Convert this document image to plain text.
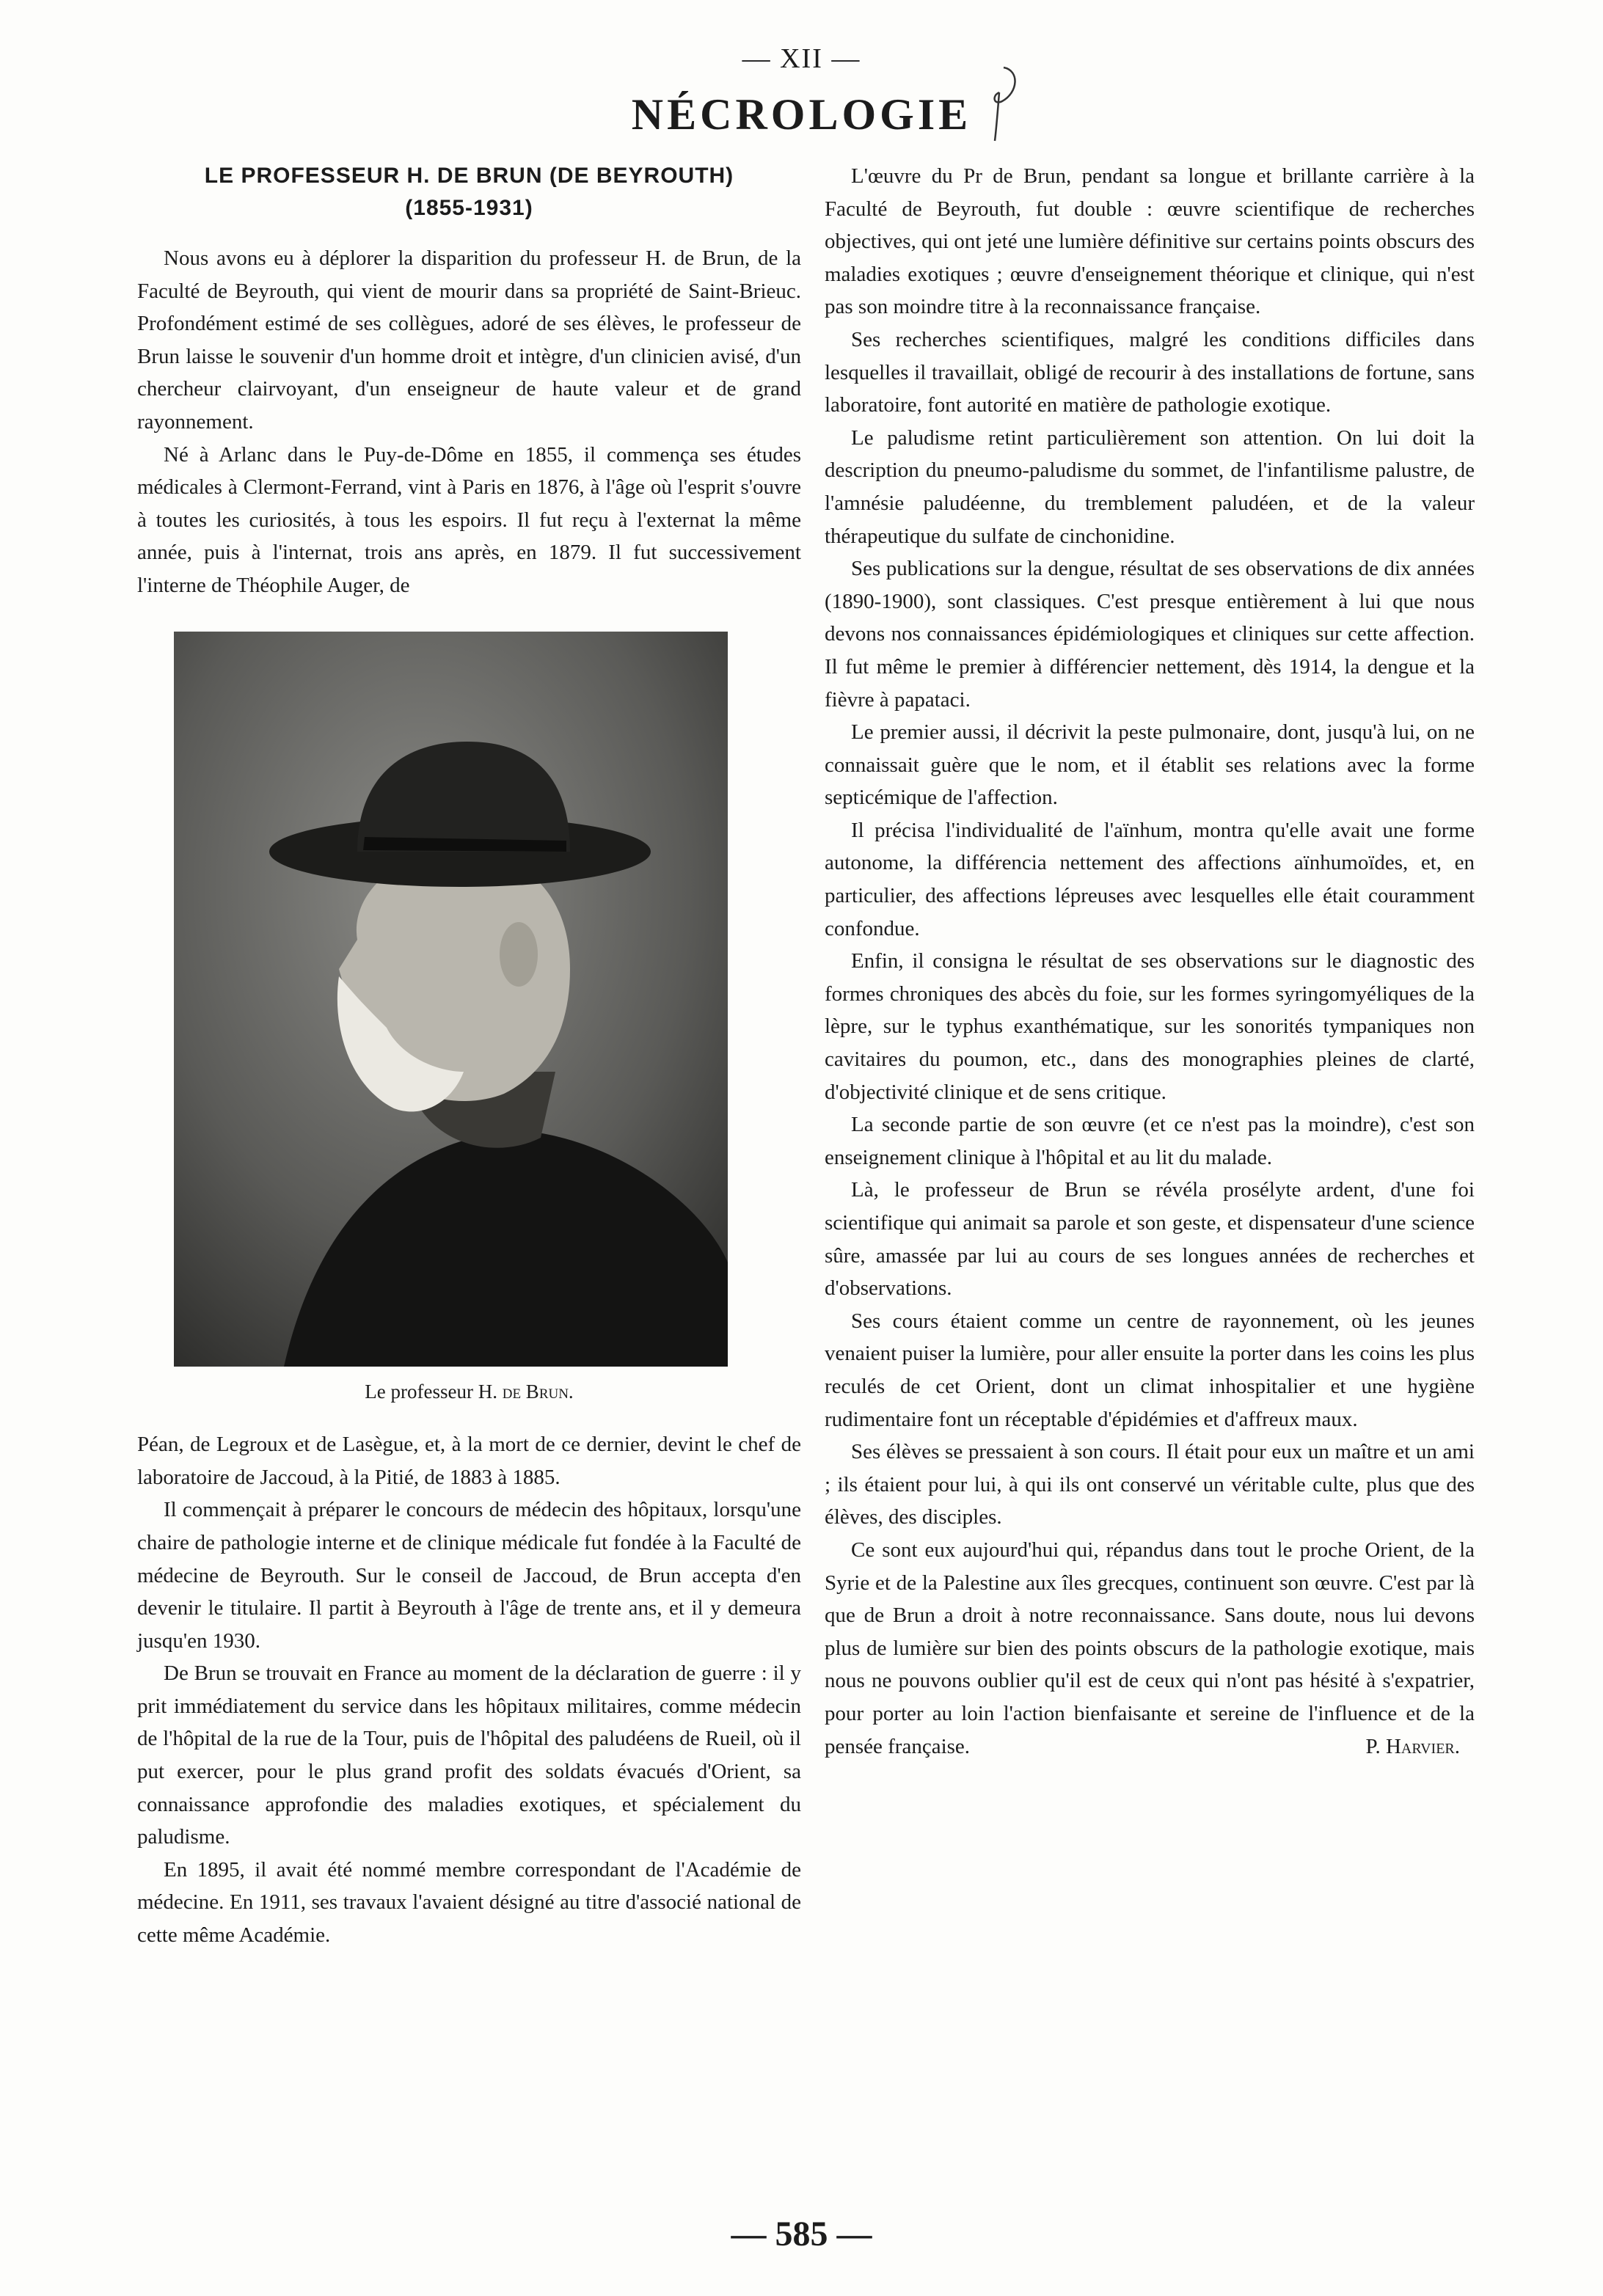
— XII —
NÉCROLOGIE
LE PROFESSEUR H. DE BRUN (DE BEYROUTH)
(1855-1931)

Nous avons eu à déplorer la disparition du professeur H. de Brun, de la Faculté de Beyrouth, qui vient de mourir dans sa propriété de Saint-Brieuc. Profondément estimé de ses collègues, adoré de ses élèves, le professeur de Brun laisse le souvenir d'un homme droit et intègre, d'un clinicien avisé, d'un chercheur clairvoyant, d'un enseigneur de haute valeur et de grand rayonnement.

Né à Arlanc dans le Puy-de-Dôme en 1855, il commença ses études médicales à Clermont-Ferrand, vint à Paris en 1876, à l'âge où l'esprit s'ouvre à toutes les curiosités, à tous les espoirs. Il fut reçu à l'externat la même année, puis à l'internat, trois ans après, en 1879. Il fut successivement l'interne de Théophile Auger, de

Le professeur H. de Brun.

Péan, de Legroux et de Lasègue, et, à la mort de ce dernier, devint le chef de laboratoire de Jaccoud, à la Pitié, de 1883 à 1885.

Il commençait à préparer le concours de médecin des hôpitaux, lorsqu'une chaire de pathologie interne et de clinique médicale fut fondée à la Faculté de médecine de Beyrouth. Sur le conseil de Jaccoud, de Brun accepta d'en devenir le titulaire. Il partit à Beyrouth à l'âge de trente ans, et il y demeura jusqu'en 1930.

De Brun se trouvait en France au moment de la déclaration de guerre : il y prit immédiatement du service dans les hôpitaux militaires, comme médecin de l'hôpital de la rue de la Tour, puis de l'hôpital des paludéens de Rueil, où il put exercer, pour le plus grand profit des soldats évacués d'Orient, sa connaissance approfondie des maladies exotiques, et spécialement du paludisme.

En 1895, il avait été nommé membre correspondant de l'Académie de médecine. En 1911, ses travaux l'avaient désigné au titre d'associé national de cette même Académie.

L'œuvre du Pr de Brun, pendant sa longue et brillante carrière à la Faculté de Beyrouth, fut double : œuvre scientifique de recherches objectives, qui ont jeté une lumière définitive sur certains points obscurs des maladies exotiques ; œuvre d'enseignement théorique et clinique, qui n'est pas son moindre titre à la reconnaissance française.

Ses recherches scientifiques, malgré les conditions difficiles dans lesquelles il travaillait, obligé de recourir à des installations de fortune, sans laboratoire, font autorité en matière de pathologie exotique.

Le paludisme retint particulièrement son attention. On lui doit la description du pneumo-paludisme du sommet, de l'infantilisme palustre, de l'amnésie paludéenne, du tremblement paludéen, et de la valeur thérapeutique du sulfate de cinchonidine.

Ses publications sur la dengue, résultat de ses observations de dix années (1890-1900), sont classiques. C'est presque entièrement à lui que nous devons nos connaissances épidémiologiques et cliniques sur cette affection. Il fut même le premier à différencier nettement, dès 1914, la dengue et la fièvre à papataci.

Le premier aussi, il décrivit la peste pulmonaire, dont, jusqu'à lui, on ne connaissait guère que le nom, et il établit ses relations avec la forme septicémique de l'affection.

Il précisa l'individualité de l'aïnhum, montra qu'elle avait une forme autonome, la différencia nettement des affections aïnhumoïdes, et, en particulier, des affections lépreuses avec lesquelles elle était couramment confondue.

Enfin, il consigna le résultat de ses observations sur le diagnostic des formes chroniques des abcès du foie, sur les formes syringomyéliques de la lèpre, sur le typhus exanthématique, sur les sonorités tympaniques non cavitaires du poumon, etc., dans des monographies pleines de clarté, d'objectivité clinique et de sens critique.

La seconde partie de son œuvre (et ce n'est pas la moindre), c'est son enseignement clinique à l'hôpital et au lit du malade.

Là, le professeur de Brun se révéla prosélyte ardent, d'une foi scientifique qui animait sa parole et son geste, et dispensateur d'une science sûre, amassée par lui au cours de ses longues années de recherches et d'observations.

Ses cours étaient comme un centre de rayonnement, où les jeunes venaient puiser la lumière, pour aller ensuite la porter dans les coins les plus reculés de cet Orient, dont un climat inhospitalier et une hygiène rudimentaire font un réceptable d'épidémies et d'affreux maux.

Ses élèves se pressaient à son cours. Il était pour eux un maître et un ami ; ils étaient pour lui, à qui ils ont conservé un véritable culte, plus que des élèves, des disciples.

Ce sont eux aujourd'hui qui, répandus dans tout le proche Orient, de la Syrie et de la Palestine aux îles grecques, continuent son œuvre. C'est par là que de Brun a droit à notre reconnaissance. Sans doute, nous lui devons plus de lumière sur bien des points obscurs de la pathologie exotique, mais nous ne pouvons oublier qu'il est de ceux qui n'ont pas hésité à s'expatrier, pour porter au loin l'action bienfaisante et sereine de l'influence et de la pensée française.	P. Harvier.

— 585 —
